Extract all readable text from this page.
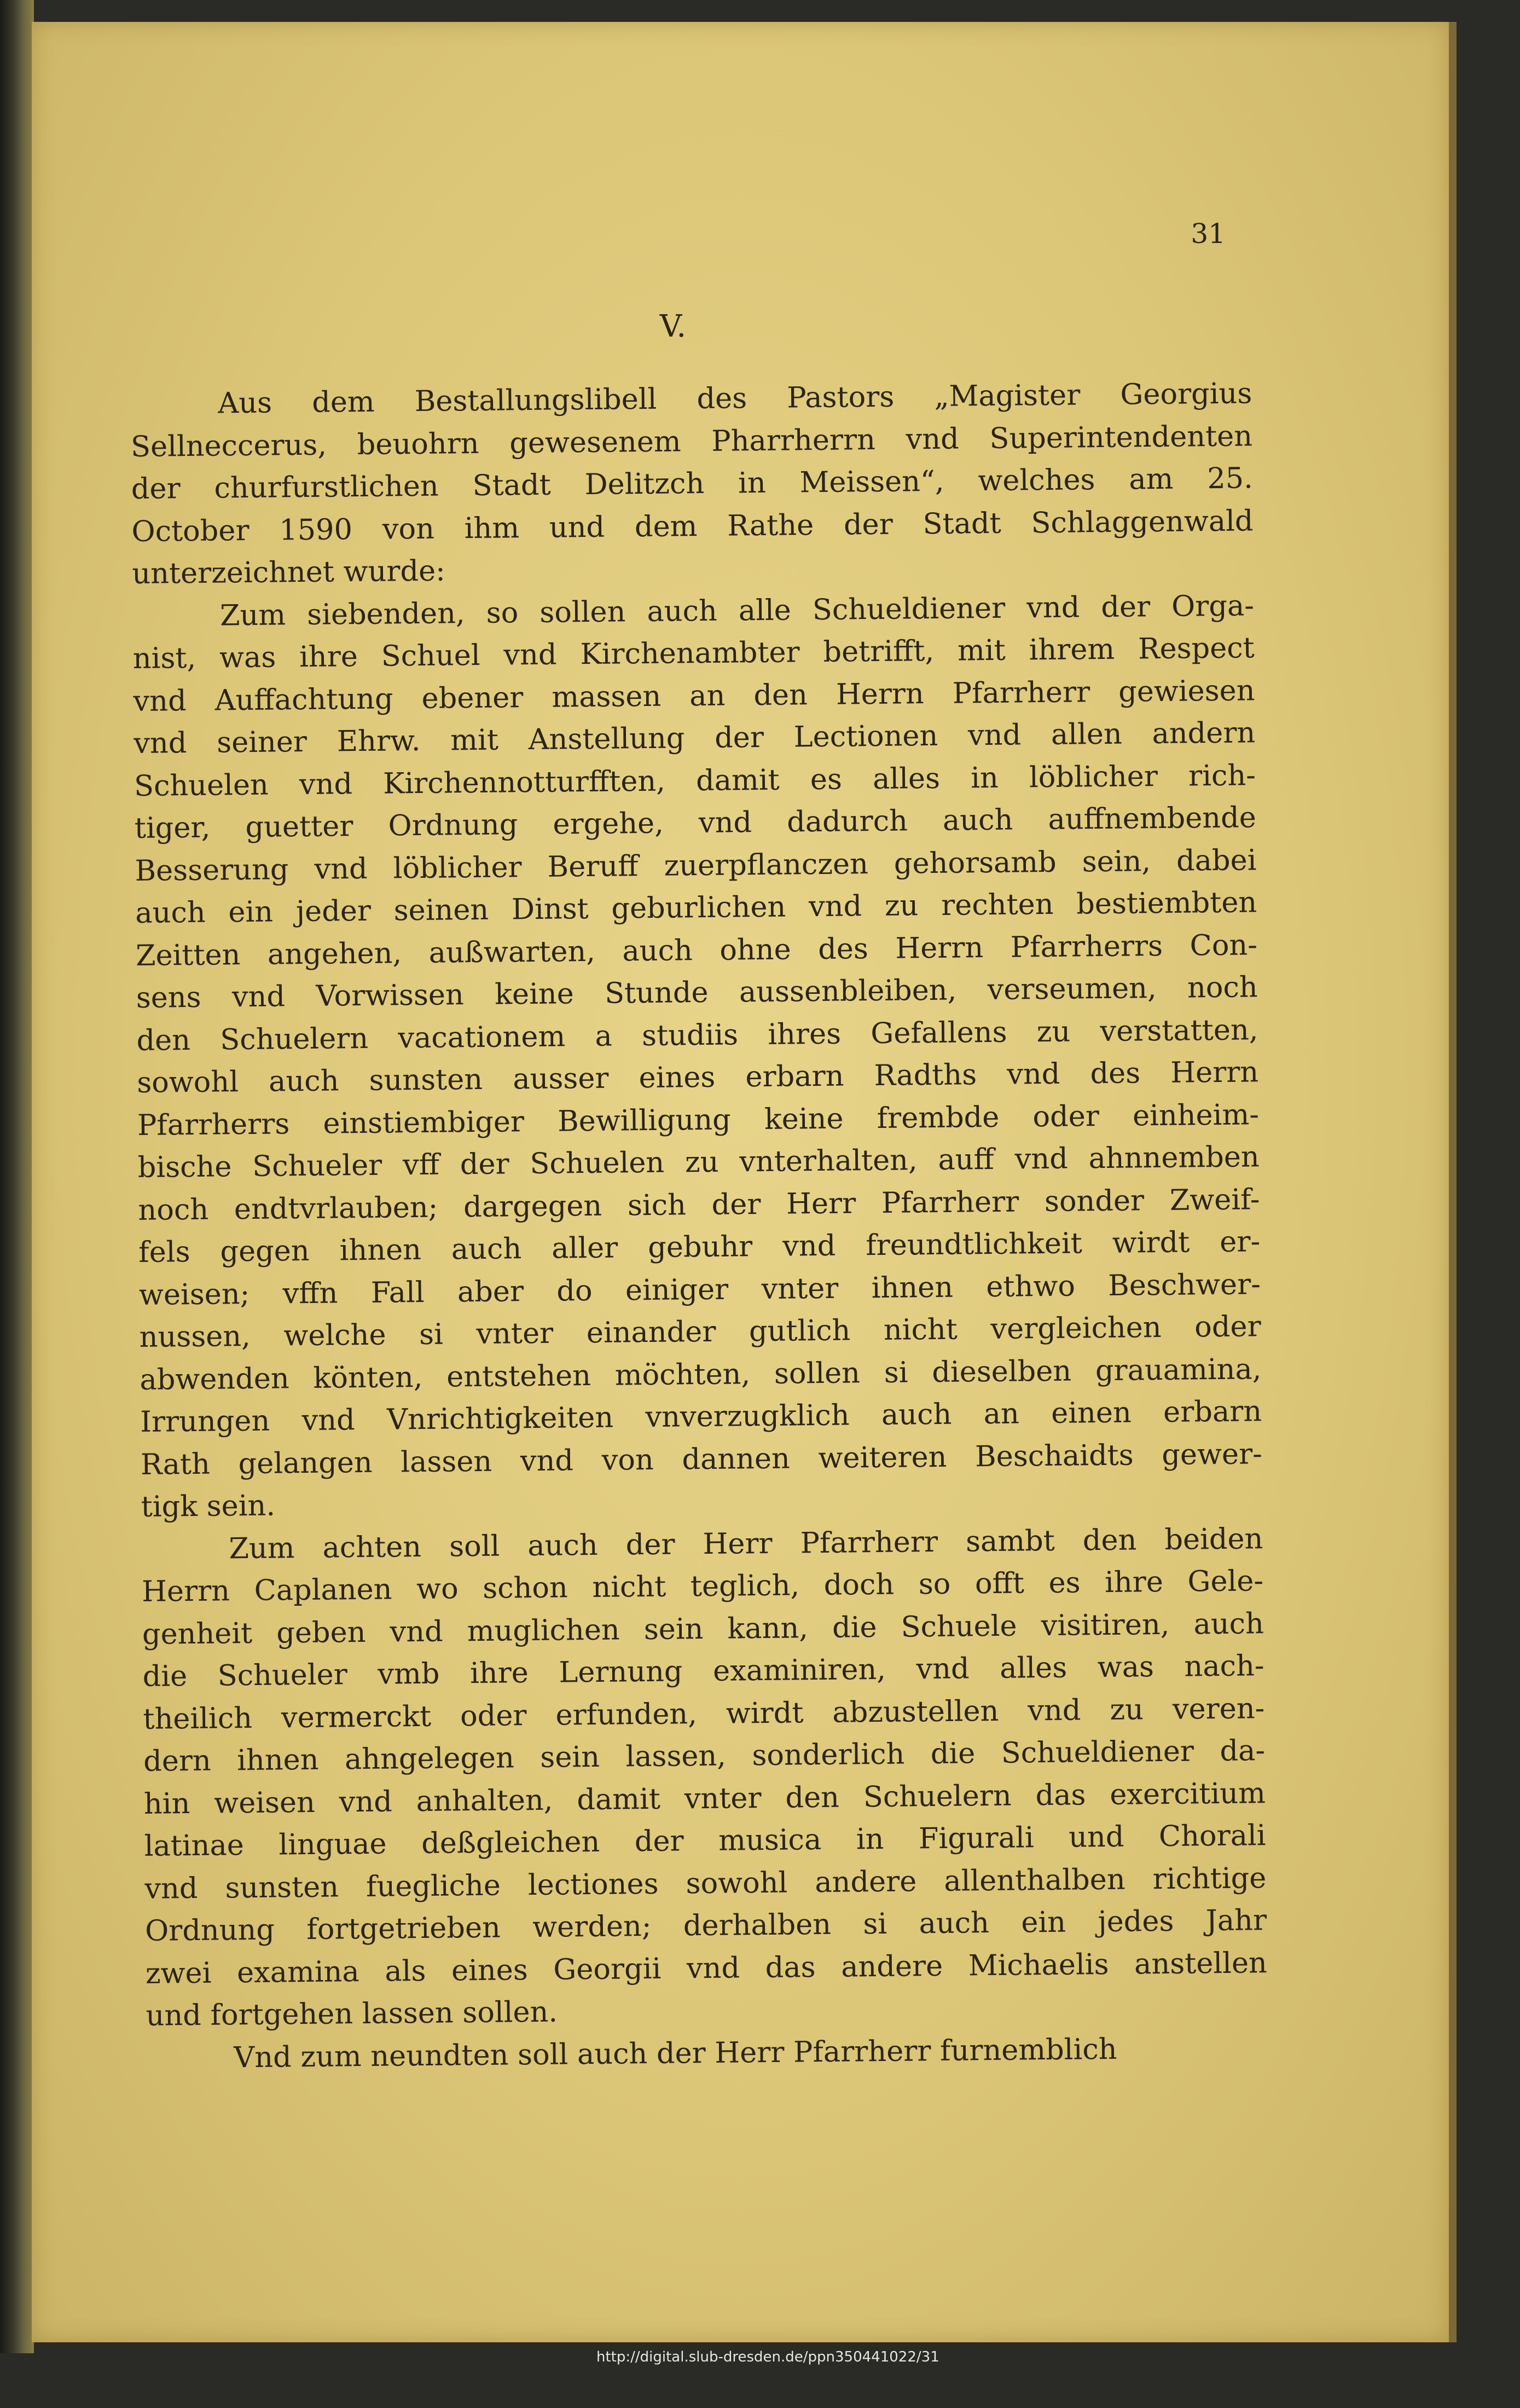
31
V.
Aus dem Bestallungslibell des Pastors „Magister Georgius
Sellneccerus, beuohrn gewesenem Pharrherrn vnd Superintendenten
der churfurstlichen Stadt Delitzch in Meissen“, welches am 25.
October 1590 von ihm und dem Rathe der Stadt Schlaggenwald
unterzeichnet wurde:
Zum siebenden, so sollen auch alle Schueldiener vnd der Orga-
nist, was ihre Schuel vnd Kirchenambter betrifft, mit ihrem Respect
vnd Auffachtung ebener massen an den Herrn Pfarrherr gewiesen
vnd seiner Ehrw. mit Anstellung der Lectionen vnd allen andern
Schuelen vnd Kirchennotturfften, damit es alles in löblicher rich-
tiger, guetter Ordnung ergehe, vnd dadurch auch auffnembende
Besserung vnd löblicher Beruff zuerpflanczen gehorsamb sein, dabei
auch ein jeder seinen Dinst geburlichen vnd zu rechten bestiembten
Zeitten angehen, außwarten, auch ohne des Herrn Pfarrherrs Con-
sens vnd Vorwissen keine Stunde aussenbleiben, verseumen, noch
den Schuelern vacationem a studiis ihres Gefallens zu verstatten,
sowohl auch sunsten ausser eines erbarn Radths vnd des Herrn
Pfarrherrs einstiembiger Bewilligung keine frembde oder einheim-
bische Schueler vff der Schuelen zu vnterhalten, auff vnd ahnnemben
noch endtvrlauben; dargegen sich der Herr Pfarrherr sonder Zweif-
fels gegen ihnen auch aller gebuhr vnd freundtlichkeit wirdt er-
weisen; vffn Fall aber do einiger vnter ihnen ethwo Beschwer-
nussen, welche si vnter einander gutlich nicht vergleichen oder
abwenden könten, entstehen möchten, sollen si dieselben grauamina,
Irrungen vnd Vnrichtigkeiten vnverzugklich auch an einen erbarn
Rath gelangen lassen vnd von dannen weiteren Beschaidts gewer-
tigk sein.
Zum achten soll auch der Herr Pfarrherr sambt den beiden
Herrn Caplanen wo schon nicht teglich, doch so offt es ihre Gele-
genheit geben vnd muglichen sein kann, die Schuele visitiren, auch
die Schueler vmb ihre Lernung examiniren, vnd alles was nach-
theilich vermerckt oder erfunden, wirdt abzustellen vnd zu veren-
dern ihnen ahngelegen sein lassen, sonderlich die Schueldiener da-
hin weisen vnd anhalten, damit vnter den Schuelern das exercitium
latinae linguae deßgleichen der musica in Figurali und Chorali
vnd sunsten fuegliche lectiones sowohl andere allenthalben richtige
Ordnung fortgetrieben werden; derhalben si auch ein jedes Jahr
zwei examina als eines Georgii vnd das andere Michaelis anstellen
und fortgehen lassen sollen.
Vnd zum neundten soll auch der Herr Pfarrherr furnemblich
http://digital.slub-dresden.de/ppn350441022/31
